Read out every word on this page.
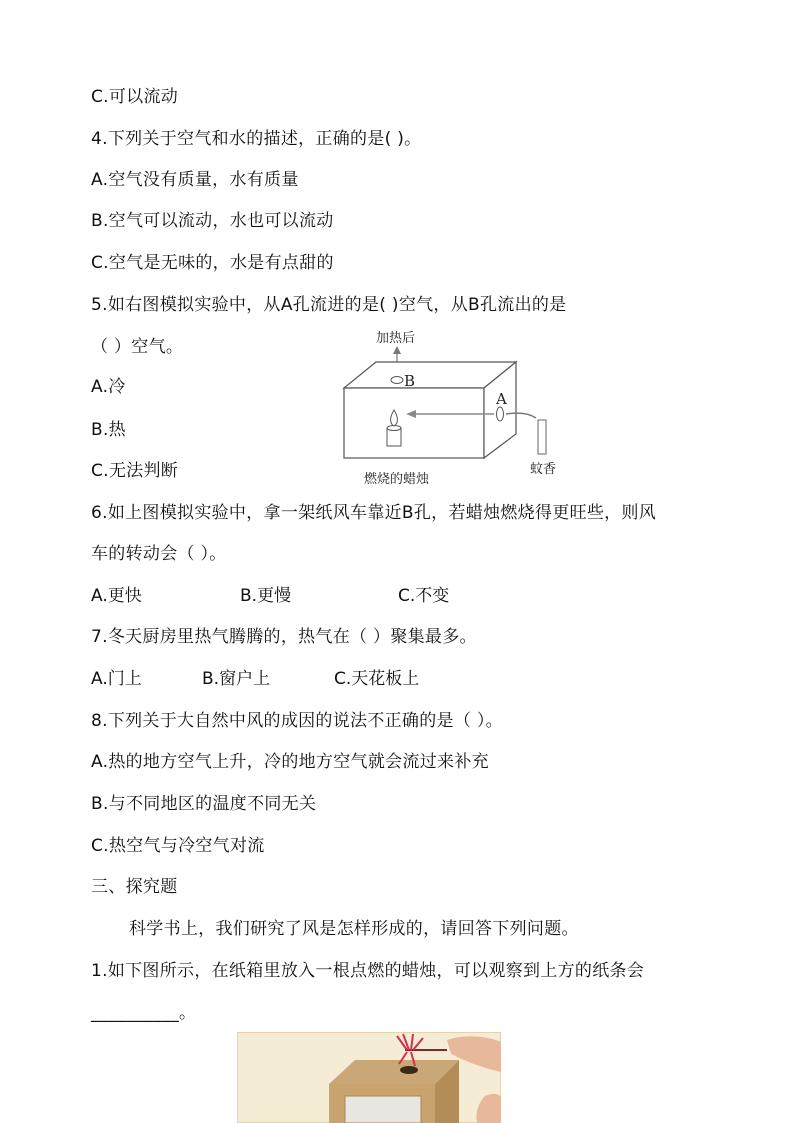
C.可以流动
4.下列关于空气和水的描述，正确的是( )。
A.空气没有质量，水有质量
B.空气可以流动，水也可以流动
C.空气是无味的，水是有点甜的
5.如右图模拟实验中，从A孔流进的是( )空气，从B孔流出的是
（ ）空气。
A.冷
B.热
C.无法判断
加热后
B
A
燃烧的蜡烛
蚊香
6.如上图模拟实验中，拿一架纸风车靠近B孔，若蜡烛燃烧得更旺些，则风
车的转动会（ ）。
A.更快	B.更慢	C.不变
7.冬天厨房里热气腾腾的，热气在（ ）聚集最多。
A.门上	B.窗户上	C.天花板上
8.下列关于大自然中风的成因的说法不正确的是（ ）。
A.热的地方空气上升，冷的地方空气就会流过来补充
B.与不同地区的温度不同无关
C.热空气与冷空气对流
三、探究题
科学书上，我们研究了风是怎样形成的，请回答下列问题。
1.如下图所示，在纸箱里放入一根点燃的蜡烛，可以观察到上方的纸条会
__________。
